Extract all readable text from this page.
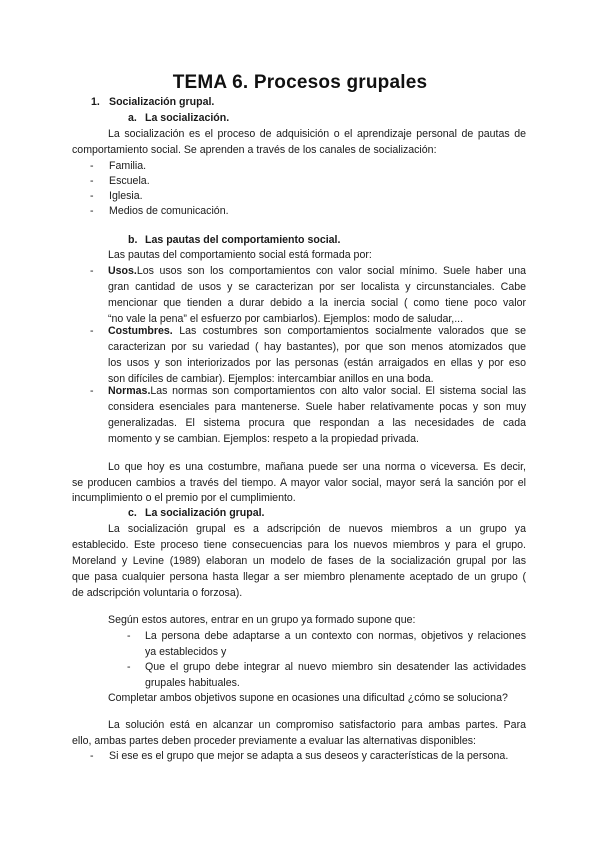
TEMA 6. Procesos grupales
1. Socialización grupal.
a. La socialización.
La socialización es el proceso de adquisición o el aprendizaje personal de pautas de
comportamiento social. Se aprenden a través de los canales de socialización:
- Familia.
- Escuela.
- Iglesia.
- Medios de comunicación.
b. Las pautas del comportamiento social.
Las pautas del comportamiento social está formada por:
- Usos.Los usos son los comportamientos con valor social mínimo. Suele haber una
gran cantidad de usos y se caracterizan por ser localista y circunstanciales. Cabe
mencionar que tienden a durar debido a la inercia social ( como tiene poco valor
“no vale la pena” el esfuerzo por cambiarlos). Ejemplos: modo de saludar,...
- Costumbres. Las costumbres son comportamientos socialmente valorados que se
caracterizan por su variedad ( hay bastantes), por que son menos atomizados que
los usos y son interiorizados por las personas (están arraigados en ellas y por eso
son difíciles de cambiar). Ejemplos: intercambiar anillos en una boda.
- Normas.Las normas son comportamientos con alto valor social. El sistema social las
considera esenciales para mantenerse. Suele haber relativamente pocas y son muy
generalizadas. El sistema procura que respondan a las necesidades de cada
momento y se cambian. Ejemplos: respeto a la propiedad privada.
Lo que hoy es una costumbre, mañana puede ser una norma o viceversa. Es decir,
se producen cambios a través del tiempo. A mayor valor social, mayor será la sanción por el
incumplimiento o el premio por el cumplimiento.
c. La socialización grupal.
La socialización grupal es a adscripción de nuevos miembros a un grupo ya
establecido. Este proceso tiene consecuencias para los nuevos miembros y para el grupo.
Moreland y Levine (1989) elaboran un modelo de fases de la socialización grupal por las
que pasa cualquier persona hasta llegar a ser miembro plenamente aceptado de un grupo (
de adscripción voluntaria o forzosa).
Según estos autores, entrar en un grupo ya formado supone que:
- La persona debe adaptarse a un contexto con normas, objetivos y relaciones
ya establecidos y
- Que el grupo debe integrar al nuevo miembro sin desatender las actividades
grupales habituales.
Completar ambos objetivos supone en ocasiones una dificultad ¿cómo se soluciona?
La solución está en alcanzar un compromiso satisfactorio para ambas partes. Para
ello, ambas partes deben proceder previamente a evaluar las alternativas disponibles:
- Si ese es el grupo que mejor se adapta a sus deseos y características de la persona.
